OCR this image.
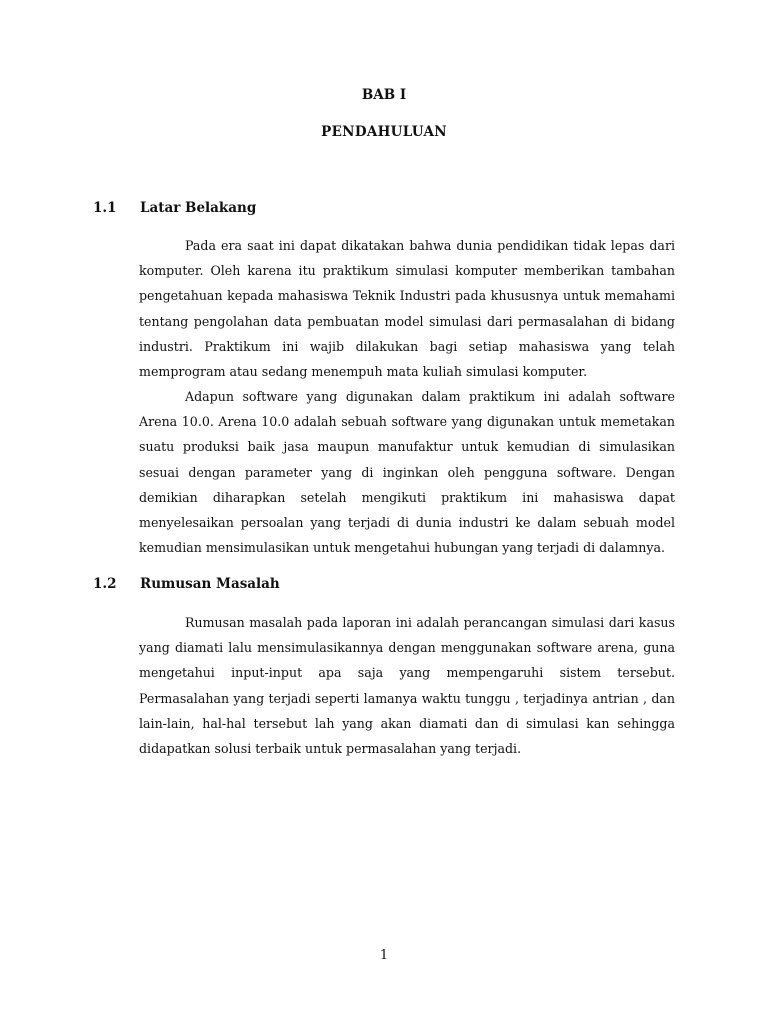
BAB I
PENDAHULUAN
1.1 Latar Belakang

Pada era saat ini dapat dikatakan bahwa dunia pendidikan tidak lepas dari komputer. Oleh karena itu praktikum simulasi komputer memberikan tambahan pengetahuan kepada mahasiswa Teknik Industri pada khususnya untuk memahami tentang pengolahan data pembuatan model simulasi dari permasalahan di bidang industri. Praktikum ini wajib dilakukan bagi setiap mahasiswa yang telah memprogram atau sedang menempuh mata kuliah simulasi komputer.

Adapun software yang digunakan dalam praktikum ini adalah software Arena 10.0. Arena 10.0 adalah sebuah software yang digunakan untuk memetakan suatu produksi baik jasa maupun manufaktur untuk kemudian di simulasikan sesuai dengan parameter yang di inginkan oleh pengguna software. Dengan demikian diharapkan setelah mengikuti praktikum ini mahasiswa dapat menyelesaikan persoalan yang terjadi di dunia industri ke dalam sebuah model kemudian mensimulasikan untuk mengetahui hubungan yang terjadi di dalamnya.

1.2 Rumusan Masalah

Rumusan masalah pada laporan ini adalah perancangan simulasi dari kasus yang diamati lalu mensimulasikannya dengan menggunakan software arena, guna mengetahui input-input apa saja yang mempengaruhi sistem tersebut. Permasalahan yang terjadi seperti lamanya waktu tunggu , terjadinya antrian , dan lain-lain, hal-hal tersebut lah yang akan diamati dan di simulasi kan sehingga didapatkan solusi terbaik untuk permasalahan yang terjadi.

1
